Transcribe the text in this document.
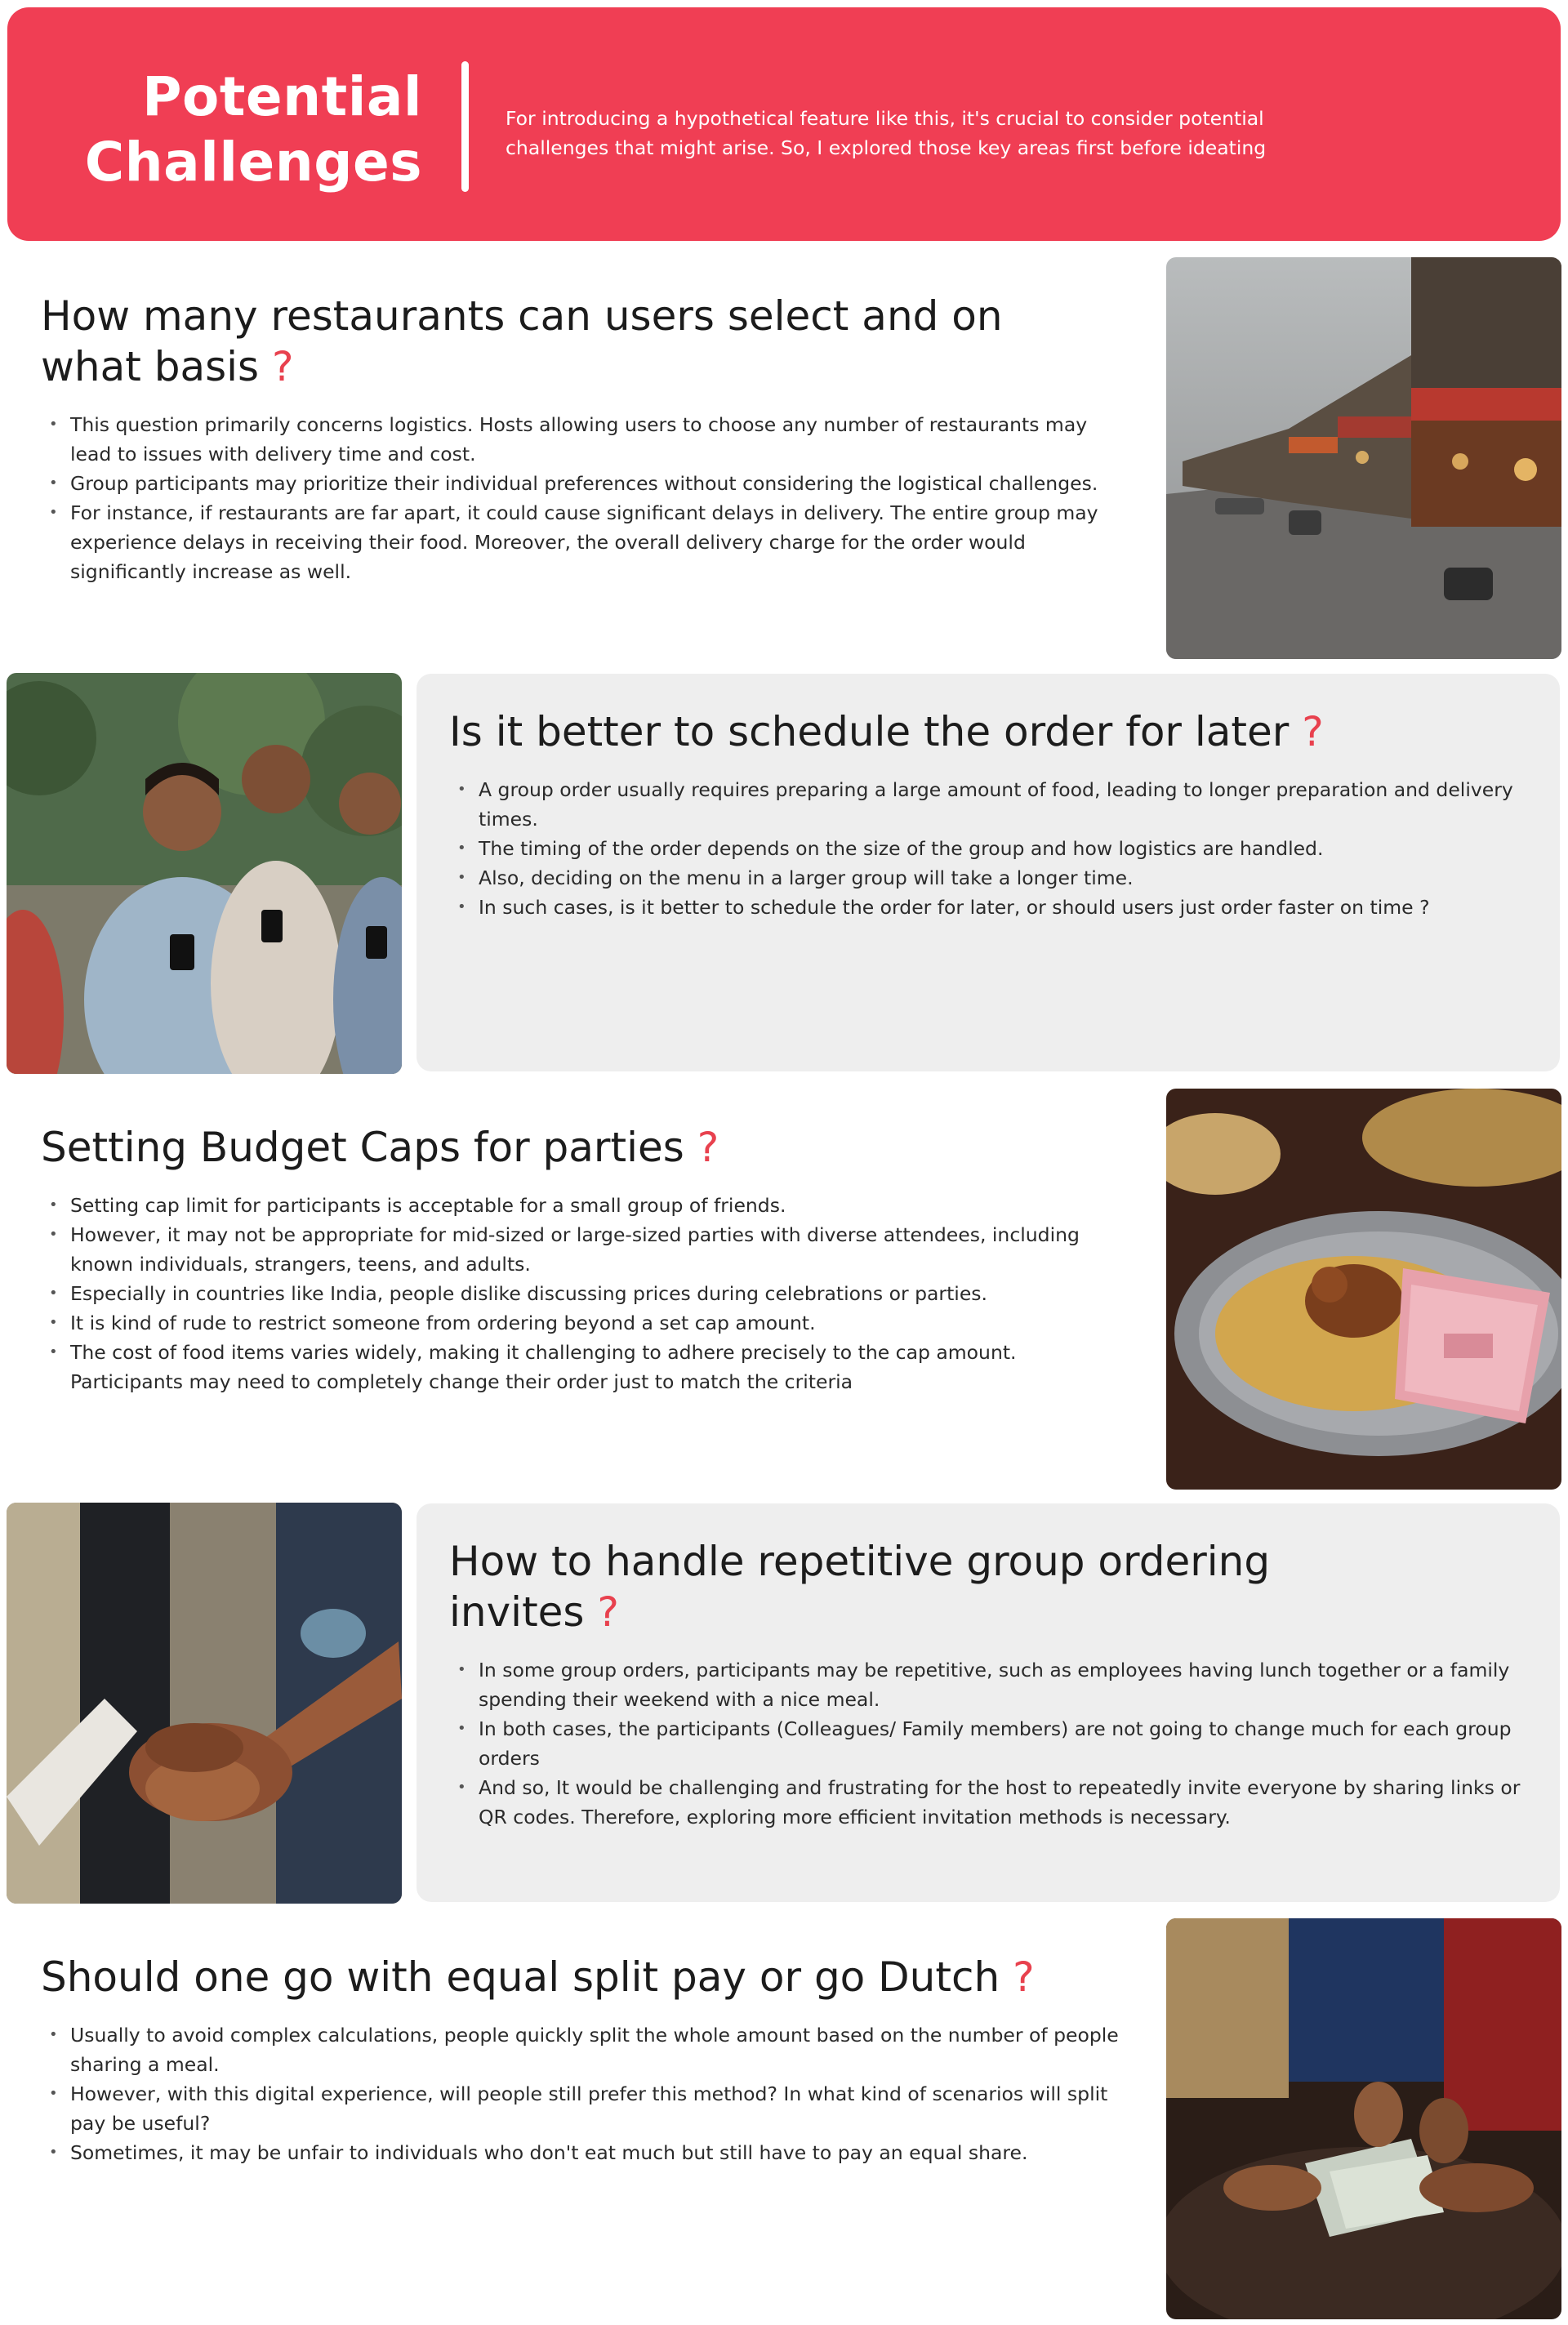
Potential
Challenges
For introducing a hypothetical feature like this, it's crucial to consider potential
challenges that might arise. So, I explored those key areas first before ideating
How many restaurants can users select and on what basis ?
• This question primarily concerns logistics. Hosts allowing users to choose any number of restaurants may lead to issues with delivery time and cost.
• Group participants may prioritize their individual preferences without considering the logistical challenges.
• For instance, if restaurants are far apart, it could cause significant delays in delivery. The entire group may experience delays in receiving their food. Moreover, the overall delivery charge for the order would significantly increase as well.
Is it better to schedule the order for later ?
• A group order usually requires preparing a large amount of food, leading to longer preparation and delivery times.
• The timing of the order depends on the size of the group and how logistics are handled.
• Also, deciding on the menu in a larger group will take a longer time.
• In such cases, is it better to schedule the order for later, or should users just order faster on time ?
Setting Budget Caps for parties ?
• Setting cap limit for participants is acceptable for a small group of friends.
• However, it may not be appropriate for mid-sized or large-sized parties with diverse attendees, including known individuals, strangers, teens, and adults.
• Especially in countries like India, people dislike discussing prices during celebrations or parties.
• It is kind of rude to restrict someone from ordering beyond a set cap amount.
• The cost of food items varies widely, making it challenging to adhere precisely to the cap amount. Participants may need to completely change their order just to match the criteria
How to handle repetitive group ordering invites ?
• In some group orders, participants may be repetitive, such as employees having lunch together or a family spending their weekend with a nice meal.
• In both cases, the participants (Colleagues/ Family members) are not going to change much for each group orders
• And so, It would be challenging and frustrating for the host to repeatedly invite everyone by sharing links or QR codes. Therefore, exploring more efficient invitation methods is necessary.
Should one go with equal split pay or go Dutch ?
• Usually to avoid complex calculations, people quickly split the whole amount based on the number of people sharing a meal.
• However, with this digital experience, will people still prefer this method? In what kind of scenarios will split pay be useful?
• Sometimes, it may be unfair to individuals who don't eat much but still have to pay an equal share.
